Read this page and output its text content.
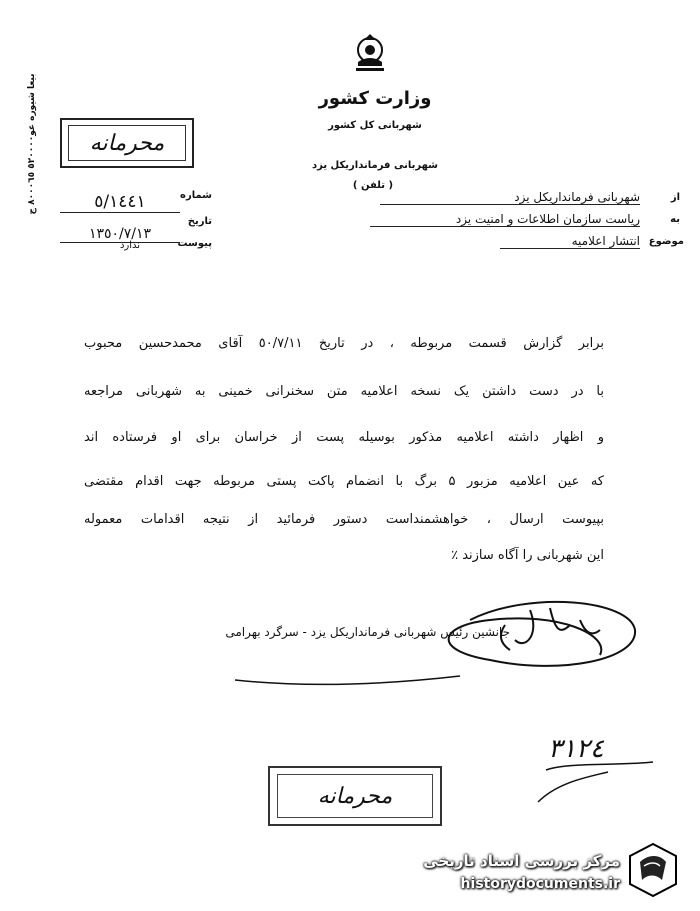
بیعا شیوره عو٥٢٠٠٠٠ ٨٠٠٠٦٥ ج
محرمانه
وزارت کشور
شهربانی کل کشور
شهربانی فرمانداریکل یزد
( تلفن )
شماره
٥/١٤٤١
تاریخ
١٣٥٠/٧/١٣
پیوست
ندارد
از
شهربانی فرمانداریکل یزد
به
ریاست سازمان اطلاعات و امنیت یزد
موضوع
انتشار اعلامیه
برابر گزارش قسمت مربوطه ، در تاریخ ٥٠/٧/١١ آقای محمدحسین محبوب
با در دست داشتن یک نسخه اعلامیه متن سخنرانی خمینی به شهربانی مراجعه
و اظهار داشته اعلامیه مذکور بوسیله پست از خراسان برای او فرستاده اند
که عین اعلامیه مزبور ۵ برگ با انضمام پاکت پستی مربوطه جهت اقدام مقتضی
بپیوست ارسال ، خواهشمنداست دستور فرمائید از نتیجه اقدامات معموله
این شهربانی را آگاه سازند ٪
جانشین رئیس شهربانی فرمانداریکل یزد - سرگرد بهرامی
٣١٢٤
محرمانه
مرکز بررسی اسناد تاریخی
historydocuments.ir
